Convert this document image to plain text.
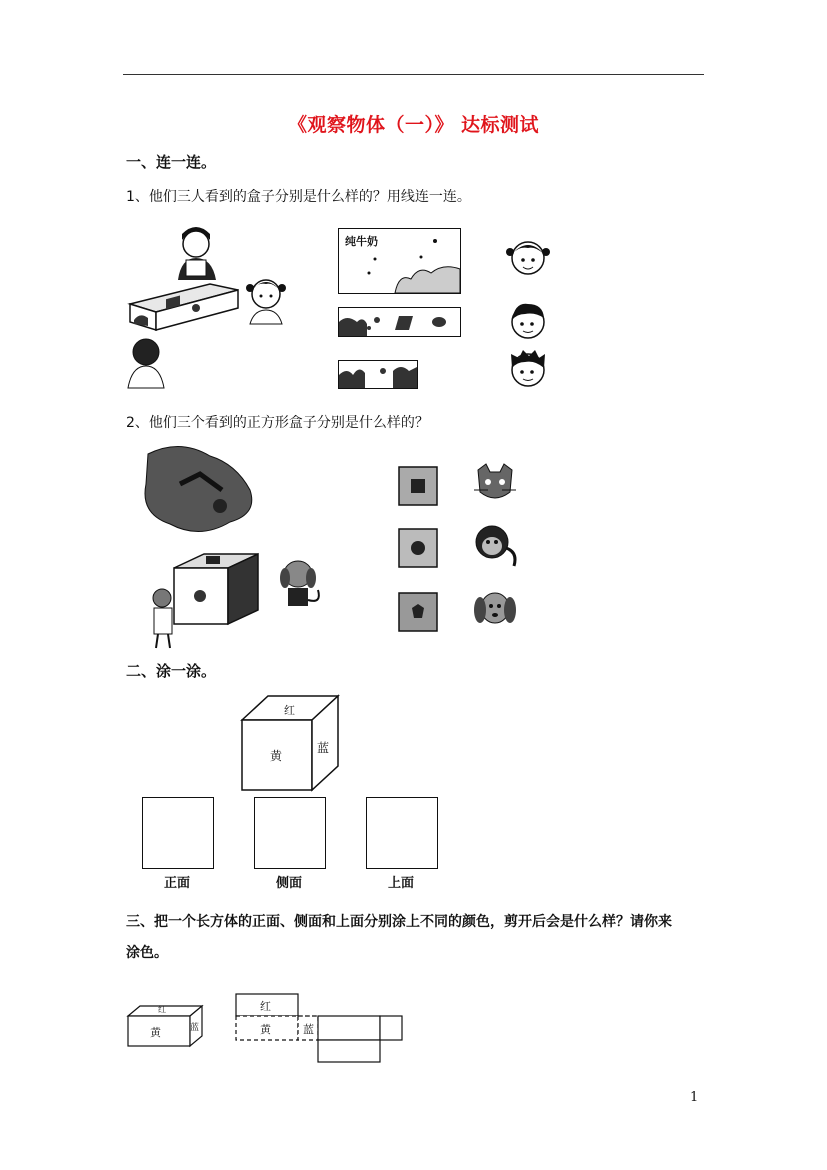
《观察物体（一）》 达标测试
一、连一连。
1、他们三人看到的盒子分别是什么样的？用线连一连。
纯牛奶
2、他们三个看到的正方形盒子分别是什么样的？
二、涂一涂。
红
黄
蓝
正面	侧面	上面
三、把一个长方体的正面、侧面和上面分别涂上不同的颜色，剪开后会是什么样？请你来
涂色。
红
黄	蓝
红
黄	蓝
1
